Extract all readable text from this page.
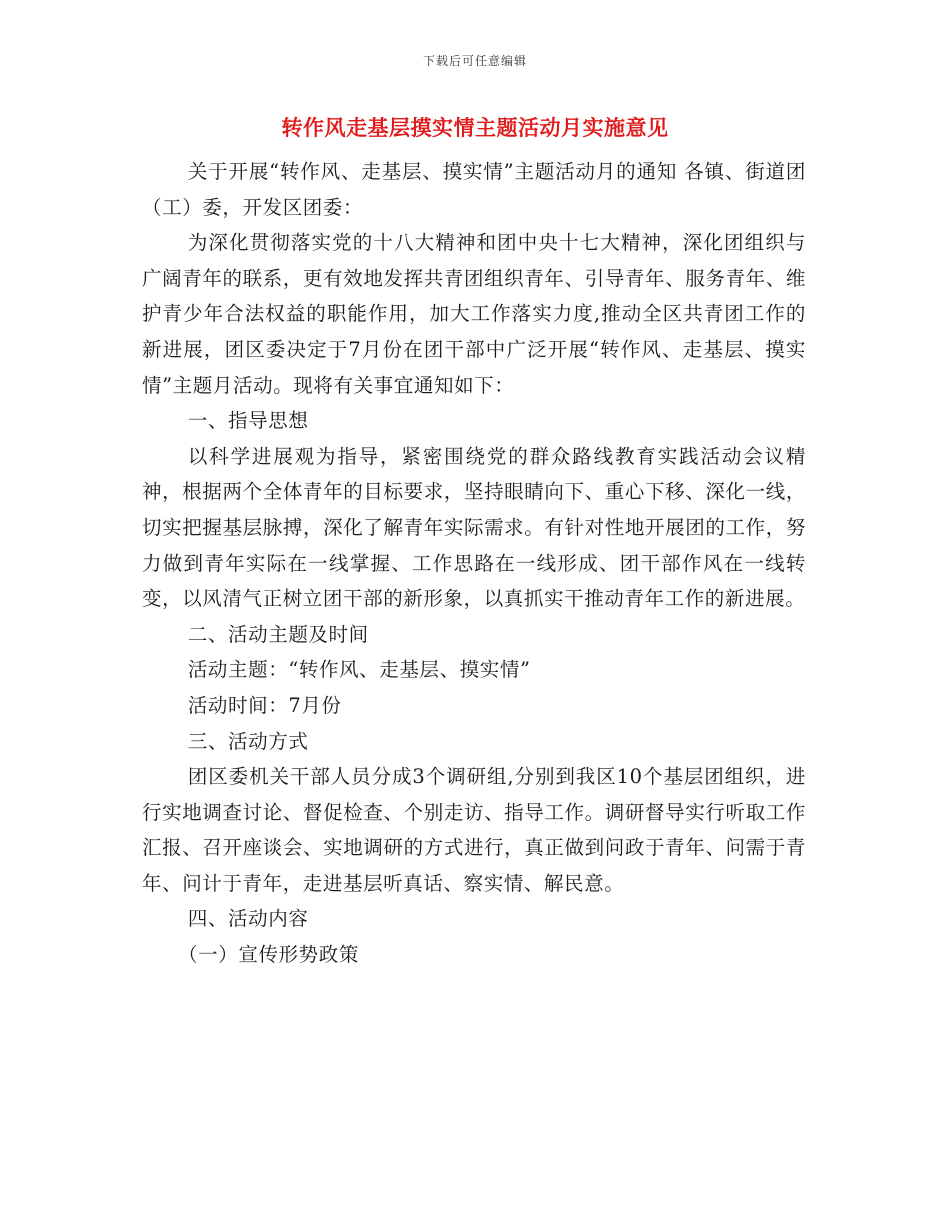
下载后可任意编辑
转作风走基层摸实情主题活动月实施意见

关于开展“转作风、走基层、摸实情”主题活动月的通知 各镇、街道团（工）委，开发区团委：

为深化贯彻落实党的十八大精神和团中央十七大精神，深化团组织与广阔青年的联系，更有效地发挥共青团组织青年、引导青年、服务青年、维护青少年合法权益的职能作用，加大工作落实力度,推动全区共青团工作的新进展，团区委决定于7月份在团干部中广泛开展“转作风、走基层、摸实情”主题月活动。现将有关事宜通知如下：

一、指导思想

以科学进展观为指导，紧密围绕党的群众路线教育实践活动会议精神，根据两个全体青年的目标要求，坚持眼睛向下、重心下移、深化一线，切实把握基层脉搏，深化了解青年实际需求。有针对性地开展团的工作，努力做到青年实际在一线掌握、工作思路在一线形成、团干部作风在一线转变，以风清气正树立团干部的新形象，以真抓实干推动青年工作的新进展。

二、活动主题及时间

活动主题：“转作风、走基层、摸实情”

活动时间：7月份

三、活动方式

团区委机关干部人员分成3个调研组,分别到我区10个基层团组织，进行实地调查讨论、督促检查、个别走访、指导工作。调研督导实行听取工作汇报、召开座谈会、实地调研的方式进行，真正做到问政于青年、问需于青年、问计于青年，走进基层听真话、察实情、解民意。

四、活动内容

（一）宣传形势政策
